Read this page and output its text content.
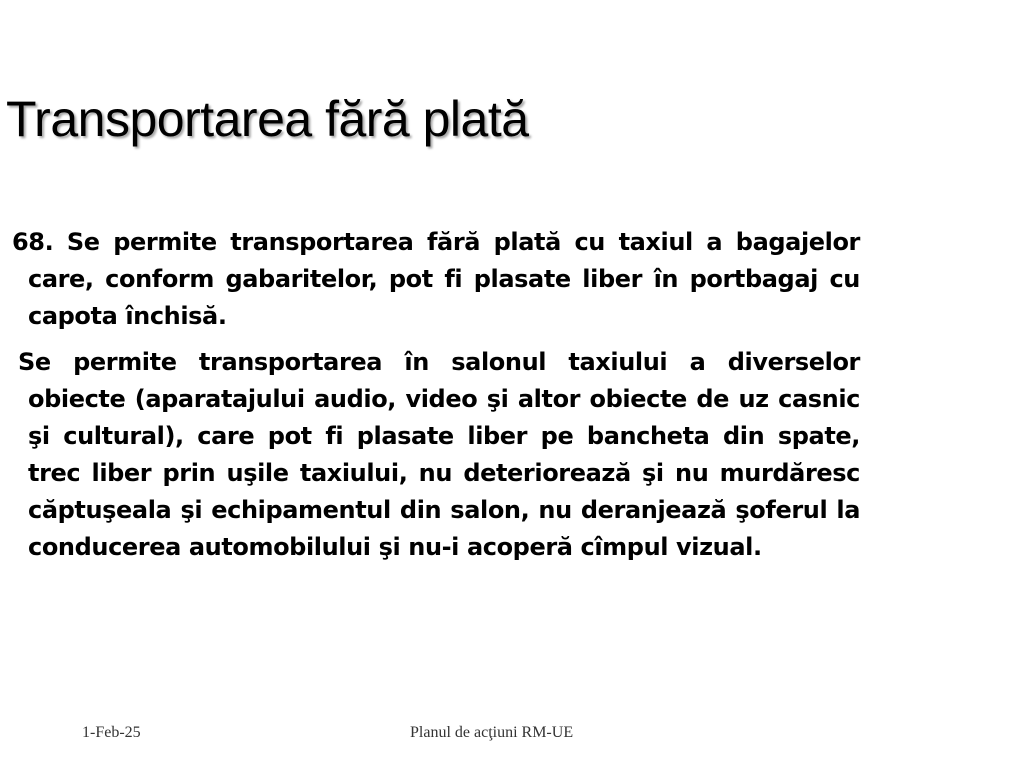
Transportarea fără plată

68. Se permite transportarea fără plată cu taxiul a bagajelor care, conform gabaritelor, pot fi plasate liber în portbagaj cu capota închisă.

Se permite transportarea în salonul taxiului a diverselor obiecte (aparatajului audio, video şi altor obiecte de uz casnic şi cultural), care pot fi plasate liber pe bancheta din spate, trec liber prin uşile taxiului, nu deteriorează şi nu murdăresc căptuşeala şi echipamentul din salon, nu deranjează şoferul la conducerea automobilului şi nu-i acoperă cîmpul vizual.

1-Feb-25	Planul de acţiuni RM-UE
